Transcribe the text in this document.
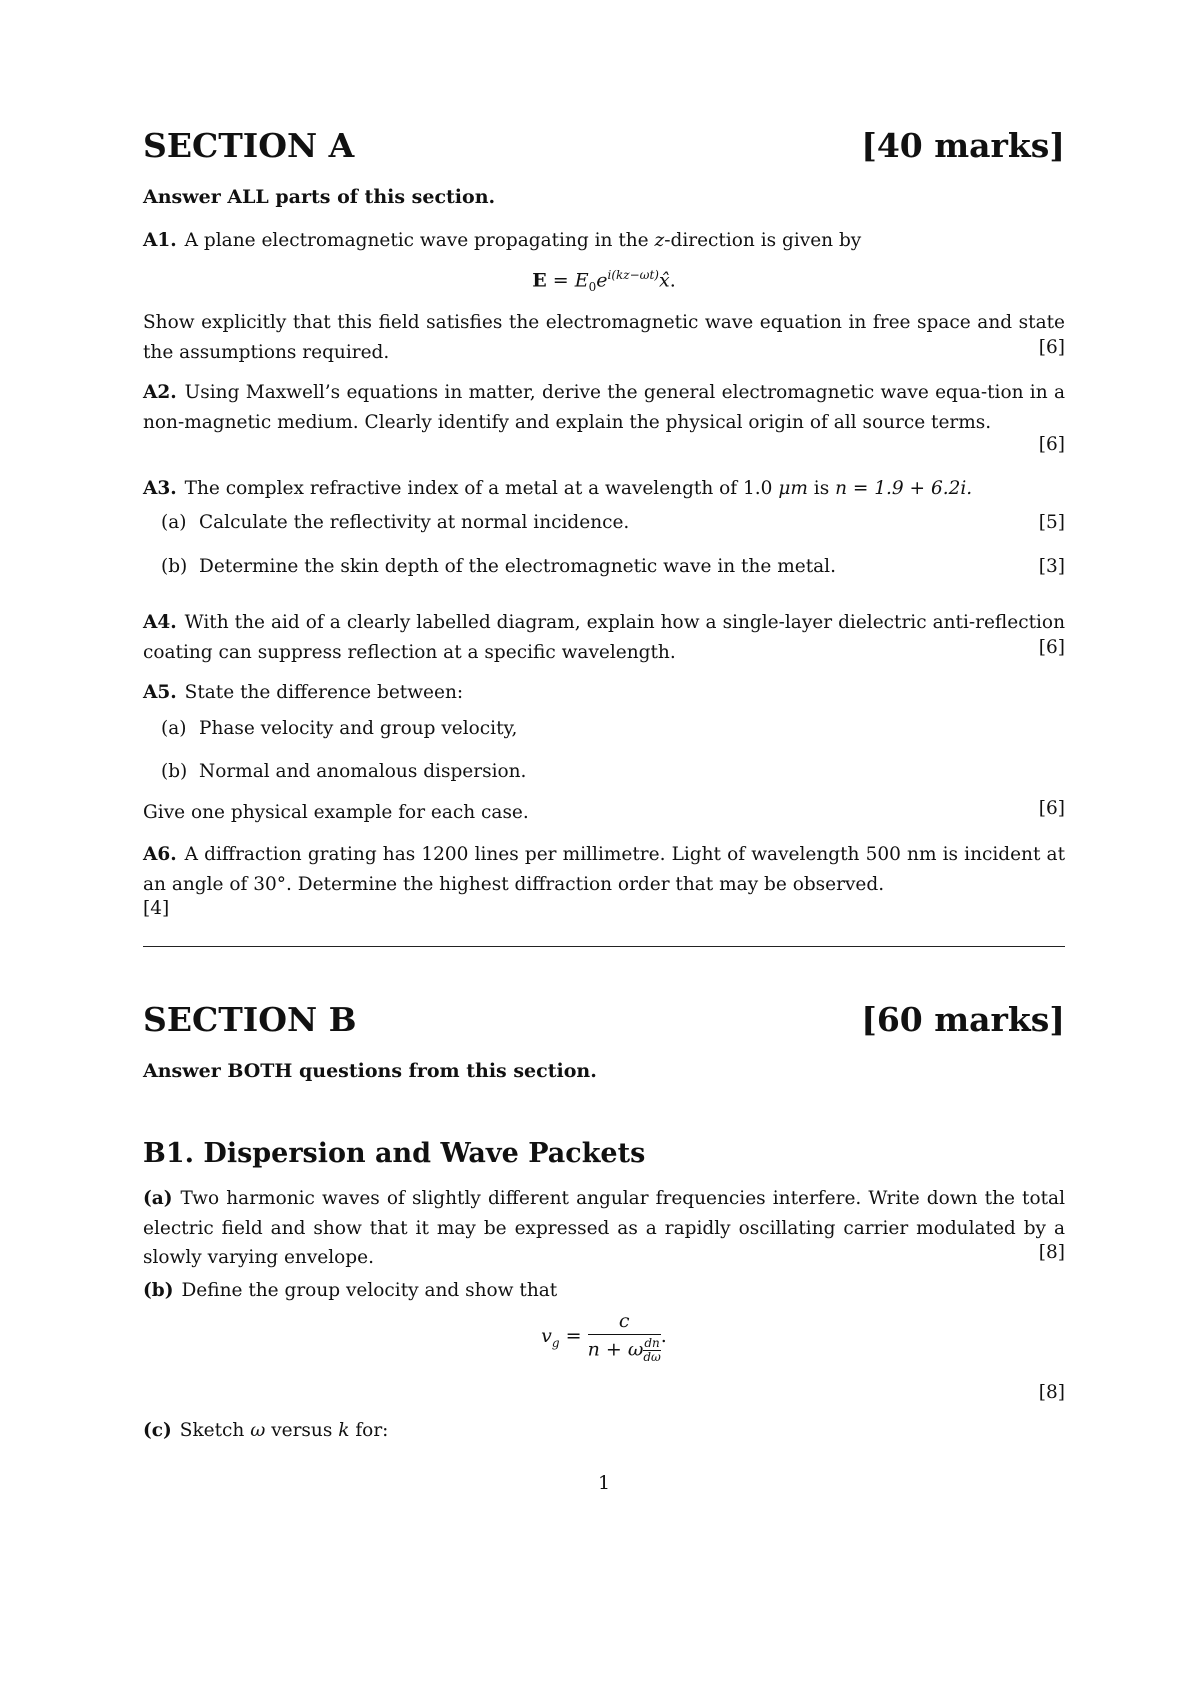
SECTION A	[40 marks]
Answer ALL parts of this section.
A1. A plane electromagnetic wave propagating in the z-direction is given by
$E = E_0e^{i(kz-\omega t)}x̂$.
Show explicitly that this field satisfies the electromagnetic wave equation in free space and state the assumptions required.	[6]
A2. Using Maxwell’s equations in matter, derive the general electromagnetic wave equa-tion in a non-magnetic medium. Clearly identify and explain the physical origin of all source terms.
[6]
A3. The complex refractive index of a metal at a wavelength of 1.0 μm is n = 1.9 + 6.2i.
(a) Calculate the reflectivity at normal incidence.	[5]
(b) Determine the skin depth of the electromagnetic wave in the metal.	[3]
A4. With the aid of a clearly labelled diagram, explain how a single-layer dielectric anti-reflection coating can suppress reflection at a specific wavelength.	[6]
A5. State the difference between:
(a) Phase velocity and group velocity,
(b) Normal and anomalous dispersion.
Give one physical example for each case.	[6]
A6. A diffraction grating has 1200 lines per millimetre. Light of wavelength 500 nm is incident at an angle of 30°. Determine the highest diffraction order that may be observed.
[4]
SECTION B	[60 marks]
Answer BOTH questions from this section.
B1. Dispersion and Wave Packets
(a) Two harmonic waves of slightly different angular frequencies interfere. Write down the total electric field and show that it may be expressed as a rapidly oscillating carrier modulated by a slowly varying envelope.	[8]
(b) Define the group velocity and show that
$v_g = \frac{c}{n + \omega \frac{dn}{d\omega}}$ .
[8]
(c) Sketch ω versus k for:
1
